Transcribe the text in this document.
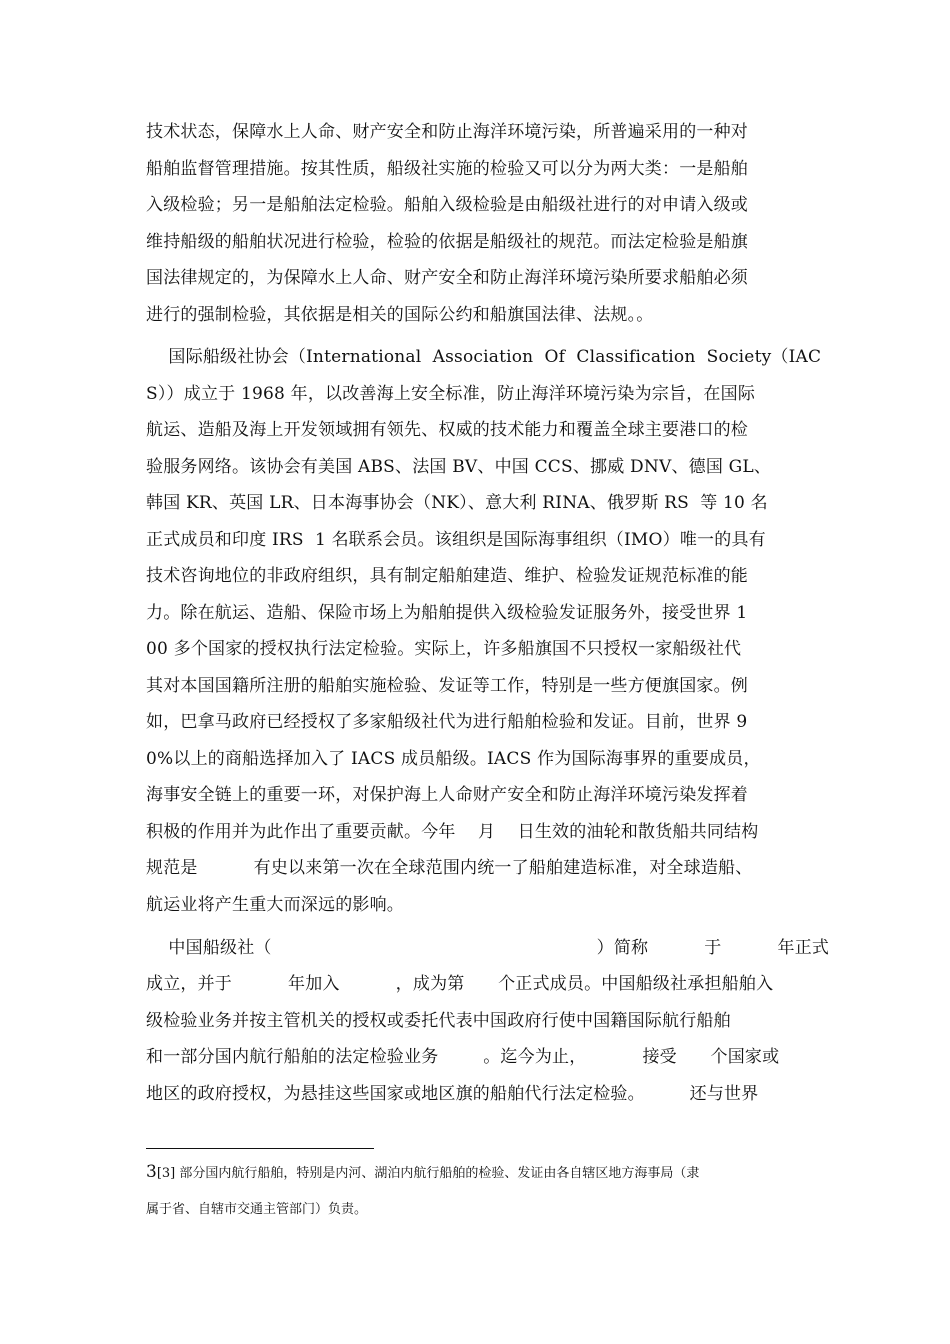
技术状态，保障水上人命、财产安全和防止海洋环境污染，所普遍采用的一种对
船舶监督管理措施。按其性质，船级社实施的检验又可以分为两大类：一是船舶
入级检验；另一是船舶法定检验。船舶入级检验是由船级社进行的对申请入级或
维持船级的船舶状况进行检验，检验的依据是船级社的规范。而法定检验是船旗
国法律规定的，为保障水上人命、财产安全和防止海洋环境污染所要求船舶必须
进行的强制检验，其依据是相关的国际公约和船旗国法律、法规。。
国际船级社协会（International  Association  Of  Classification  Society（IAC
S））成立于 1968 年，以改善海上安全标准，防止海洋环境污染为宗旨，在国际
航运、造船及海上开发领域拥有领先、权威的技术能力和覆盖全球主要港口的检
验服务网络。该协会有美国 ABS、法国 BV、中国 CCS、挪威 DNV、德国 GL、
韩国 KR、英国 LR、日本海事协会（NK）、意大利 RINA、俄罗斯 RS  等 10 名
正式成员和印度 IRS  1 名联系会员。该组织是国际海事组织（IMO）唯一的具有
技术咨询地位的非政府组织，具有制定船舶建造、维护、检验发证规范标准的能
力。除在航运、造船、保险市场上为船舶提供入级检验发证服务外，接受世界 1
00 多个国家的授权执行法定检验。实际上，许多船旗国不只授权一家船级社代
其对本国国籍所注册的船舶实施检验、发证等工作，特别是一些方便旗国家。例
如，巴拿马政府已经授权了多家船级社代为进行船舶检验和发证。目前，世界 9
0%以上的商船选择加入了 IACS 成员船级。IACS 作为国际海事界的重要成员，
海事安全链上的重要一环，对保护海上人命财产安全和防止海洋环境污染发挥着
积极的作用并为此作出了重要贡献。今年    月    日生效的油轮和散货船共同结构
规范是          有史以来第一次在全球范围内统一了船舶建造标准，对全球造船、
航运业将产生重大而深远的影响。
中国船级社（                                                          ）简称          于          年正式
成立，并于          年加入          ，成为第      个正式成员。中国船级社承担船舶入
级检验业务并按主管机关的授权或委托代表中国政府行使中国籍国际航行船舶
和一部分国内航行船舶的法定检验业务        。迄今为止，          接受      个国家或
地区的政府授权，为悬挂这些国家或地区旗的船舶代行法定检验。        还与世界
3[3] 部分国内航行船舶，特别是内河、湖泊内航行船舶的检验、发证由各自辖区地方海事局（隶
属于省、自辖市交通主管部门）负责。
